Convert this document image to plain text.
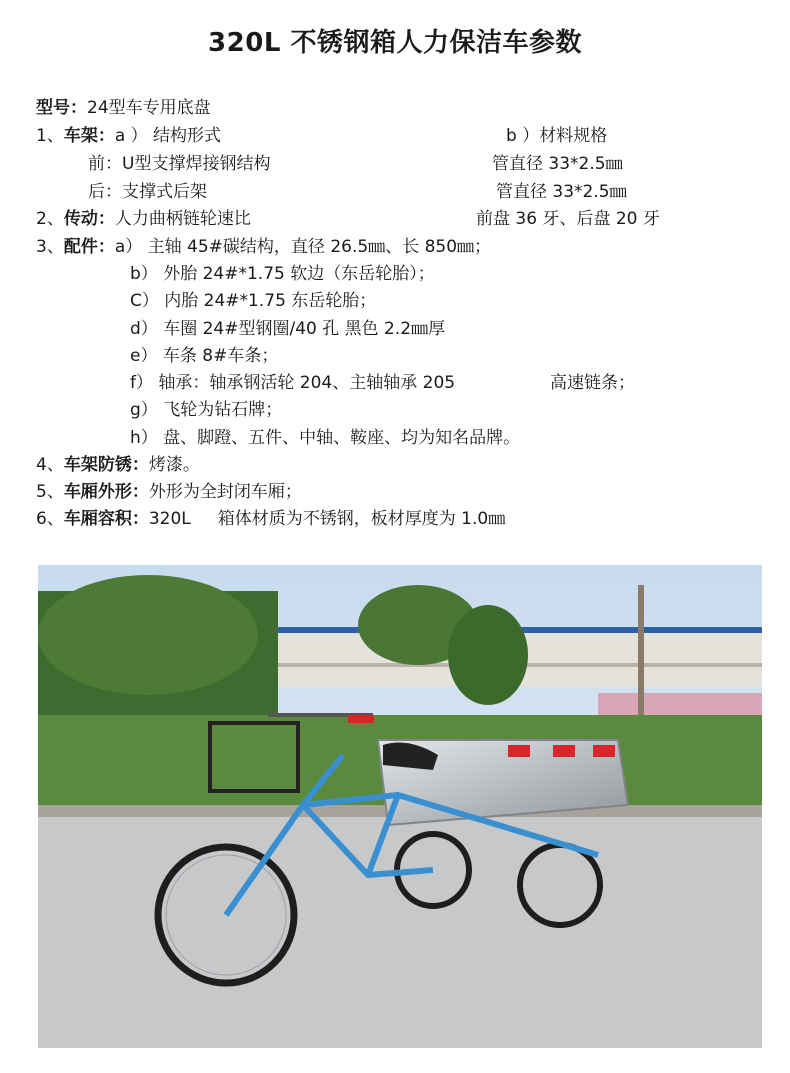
320L 不锈钢箱人力保洁车参数
型号：24型车专用底盘
1、车架：a ） 结构形式	b ）材料规格
前：U型支撑焊接钢结构	管直径 33*2.5㎜
后：支撑式后架	管直径 33*2.5㎜
2、传动：人力曲柄链轮速比	前盘 36 牙、后盘 20 牙
3、配件：a） 主轴 45#碳结构，直径 26.5㎜、长 850㎜；
b） 外胎 24#*1.75 软边（东岳轮胎）；
C） 内胎 24#*1.75 东岳轮胎；
d） 车圈 24#型钢圈/40 孔 黑色 2.2㎜厚
e） 车条 8#车条；
f） 轴承：轴承钢活轮 204、主轴轴承 205	高速链条；
g） 飞轮为钻石牌；
h） 盘、脚蹬、五件、中轴、鞍座、均为知名品牌。
4、车架防锈：烤漆。
5、车厢外形：外形为全封闭车厢；
6、车厢容积：320L     箱体材质为不锈钢，板材厚度为 1.0㎜
